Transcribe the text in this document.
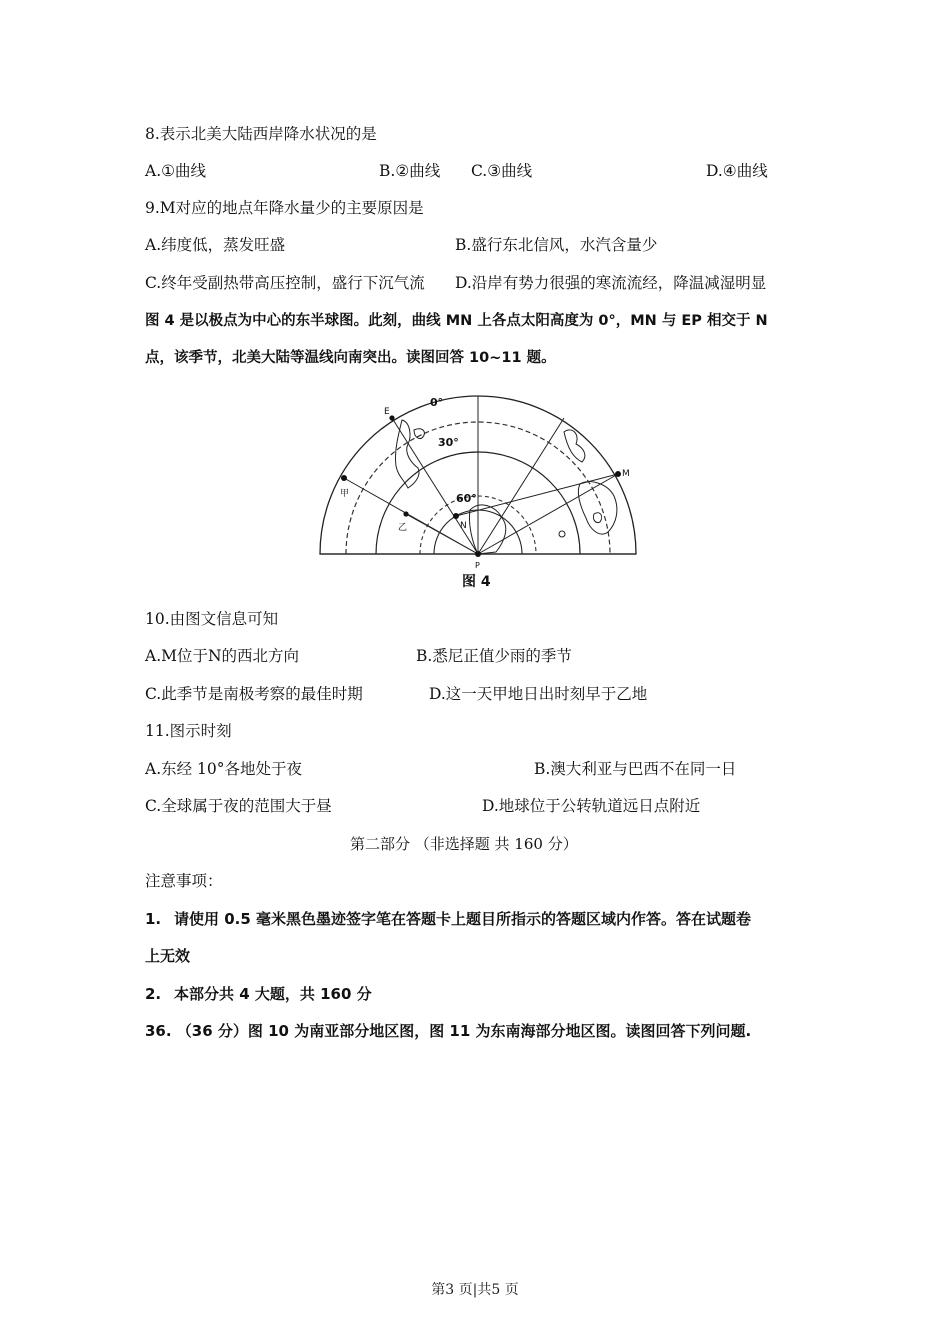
8.表示北美大陆西岸降水状况的是
A.①曲线	B.②曲线 C.③曲线	D.④曲线
9.M对应的地点年降水量少的主要原因是
A.纬度低，蒸发旺盛	B.盛行东北信风，水汽含量少
C.终年受副热带高压控制，盛行下沉气流 D.沿岸有势力很强的寒流流经，降温减湿明显
图 4 是以极点为中心的东半球图。此刻，曲线 MN 上各点太阳高度为 0°，MN 与 EP 相交于 N
点，该季节，北美大陆等温线向南突出。读图回答 10~11 题。
0°
30°
60°
E
M
N
P
甲
乙
图 4
10.由图文信息可知
A.M位于N的西北方向	B.悉尼正值少雨的季节
C.此季节是南极考察的最佳时期	D.这一天甲地日出时刻早于乙地
11.图示时刻
A.东经 10°各地处于夜	B.澳大利亚与巴西不在同一日
C.全球属于夜的范围大于昼	D.地球位于公转轨道远日点附近
第二部分 （非选择题 共 160 分）
注意事项：
1. 请使用 0.5 毫米黑色墨迹签字笔在答题卡上题目所指示的答题区域内作答。答在试题卷
上无效
2. 本部分共 4 大题，共 160 分
36. （36 分）图 10 为南亚部分地区图，图 11 为东南海部分地区图。读图回答下列问题.
第3 页|共5 页
